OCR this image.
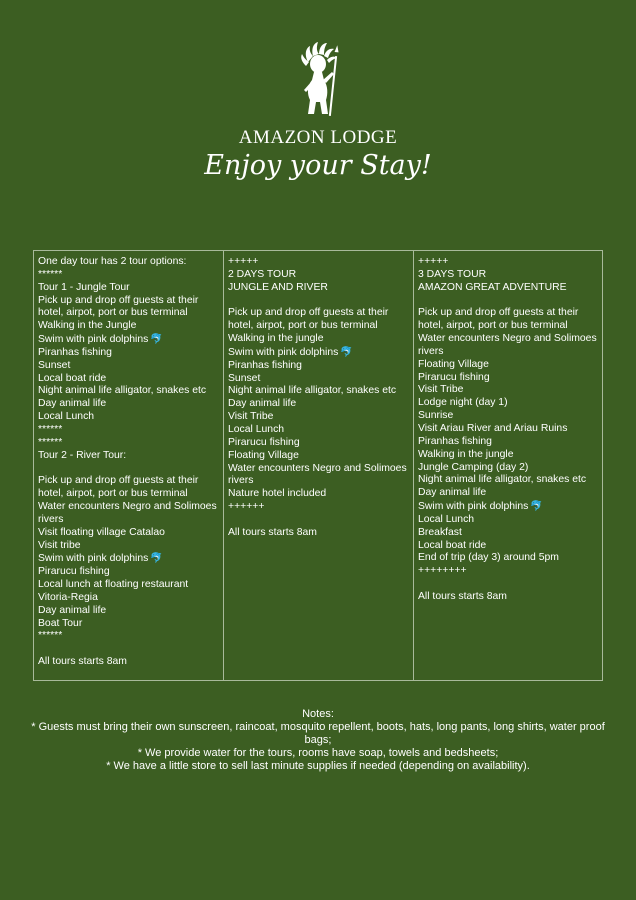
AMAZON LODGE
Enjoy your Stay!
One day tour has 2 tour options:
******
Tour 1 - Jungle Tour
Pick up and drop off guests at their hotel, airpot, port or bus terminal
Walking in the Jungle
Swim with pink dolphins 🐬
Piranhas fishing
Sunset
Local boat ride
Night animal life alligator, snakes etc
Day animal life
Local Lunch
******
******
Tour 2 - River Tour:
Pick up and drop off guests at their hotel, airpot, port or bus terminal
Water encounters Negro and Solimoes rivers
Visit floating village Catalao
Visit tribe
Swim with pink dolphins 🐬
Pirarucu fishing
Local lunch at floating restaurant
Vitoria-Regia
Day animal life
Boat Tour
******
All tours starts 8am
+++++
2 DAYS TOUR
JUNGLE AND RIVER
Pick up and drop off guests at their hotel, airpot, port or bus terminal
Walking in the jungle
Swim with pink dolphins 🐬
Piranhas fishing
Sunset
Night animal life alligator, snakes etc
Day animal life
Visit Tribe
Local Lunch
Pirarucu fishing
Floating Village
Water encounters Negro and Solimoes rivers
Nature hotel included
++++++
All tours starts 8am
+++++
3 DAYS TOUR
AMAZON GREAT ADVENTURE
Pick up and drop off guests at their hotel, airpot, port or bus terminal
Water encounters Negro and Solimoes rivers
Floating Village
Pirarucu fishing
Visit Tribe
Lodge night (day 1)
Sunrise
Visit Ariau River and Ariau Ruins
Piranhas fishing
Walking in the jungle
Jungle Camping (day 2)
Night animal life alligator, snakes etc
Day animal life
Swim with pink dolphins 🐬
Local Lunch
Breakfast
Local boat ride
End of trip (day 3) around 5pm
++++++++
All tours starts 8am
Notes:
* Guests must bring their own sunscreen, raincoat, mosquito repellent, boots, hats, long pants, long shirts, water proof bags;
* We provide water for the tours, rooms have soap, towels and bedsheets;
* We have a little store to sell last minute supplies if needed (depending on availability).
